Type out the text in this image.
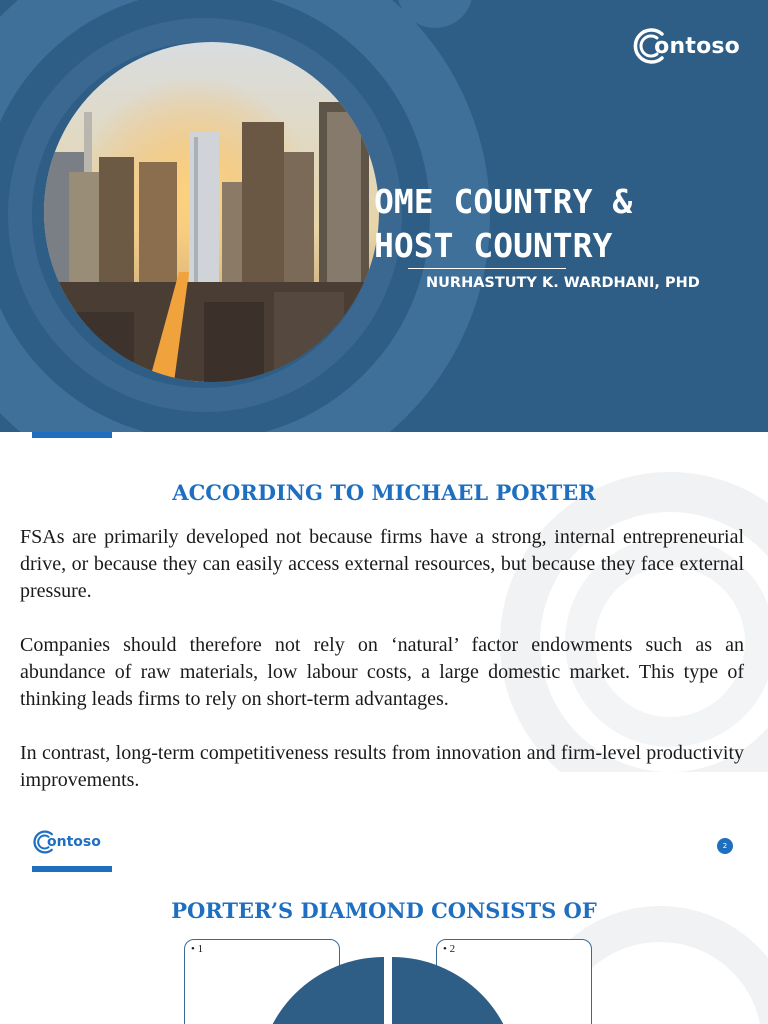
ontoso
OME COUNTRY &
HOST COUNTRY
NURHASTUTY K. WARDHANI, PHD
ACCORDING TO MICHAEL PORTER

FSAs are primarily developed not because firms have a strong, internal entrepreneurial drive, or because they can easily access external resources, but because they face external pressure.

Companies should therefore not rely on ‘natural’ factor endowments such as an abundance of raw materials, low labour costs, a large domestic market. This type of thinking leads firms to rely on short-term advantages.

In contrast, long-term competitiveness results from innovation and firm-level productivity improvements.

ontoso	2
PORTER’S DIAMOND CONSISTS OF
• 1	• 2
